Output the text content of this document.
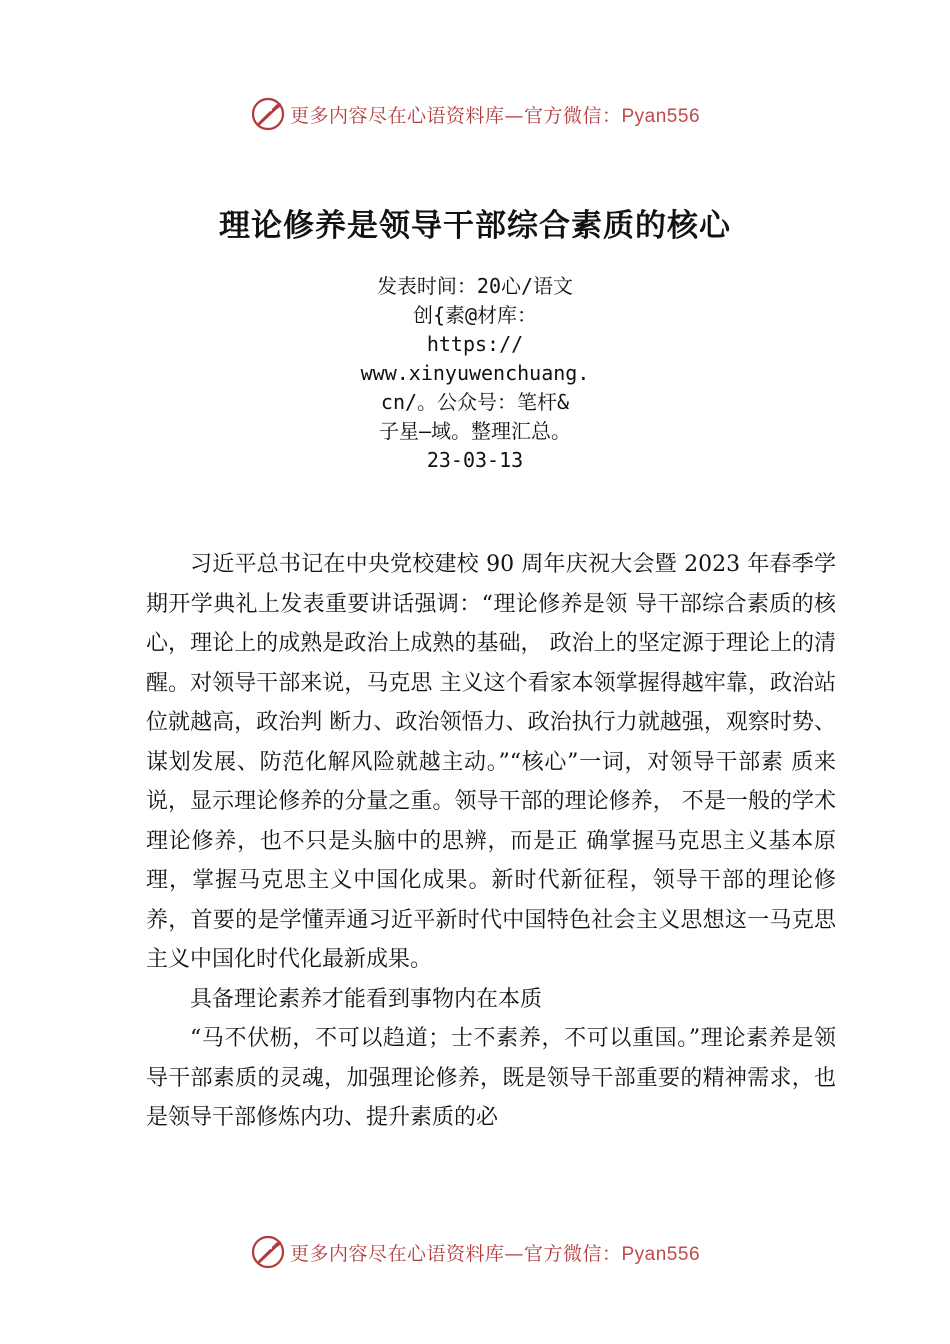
更多内容尽在心语资料库—官方微信：Pyan556
理论修养是领导干部综合素质的核心
发表时间：20心/语文
创{素@材库：
https://
www.xinyuwenchuang.
cn/。公众号：笔杆&
子星—域。整理汇总。
23-03-13

习近平总书记在中央党校建校 90 周年庆祝大会暨 2023 年春季学期开学典礼上发表重要讲话强调：“理论修养是领 导干部综合素质的核心，理论上的成熟是政治上成熟的基础， 政治上的坚定源于理论上的清醒。对领导干部来说，马克思 主义这个看家本领掌握得越牢靠，政治站位就越高，政治判 断力、政治领悟力、政治执行力就越强，观察时势、谋划发展、防范化解风险就越主动。”“核心”一词，对领导干部素 质来说，显示理论修养的分量之重。领导干部的理论修养， 不是一般的学术理论修养，也不只是头脑中的思辨，而是正 确掌握马克思主义基本原理，掌握马克思主义中国化成果。新时代新征程，领导干部的理论修养，首要的是学懂弄通习近平新时代中国特色社会主义思想这一马克思主义中国化时代化最新成果。

具备理论素养才能看到事物内在本质

“马不伏枥，不可以趋道；士不素养，不可以重国。”理论素养是领导干部素质的灵魂，加强理论修养，既是领导干部重要的精神需求，也是领导干部修炼内功、提升素质的必

更多内容尽在心语资料库—官方微信：Pyan556
